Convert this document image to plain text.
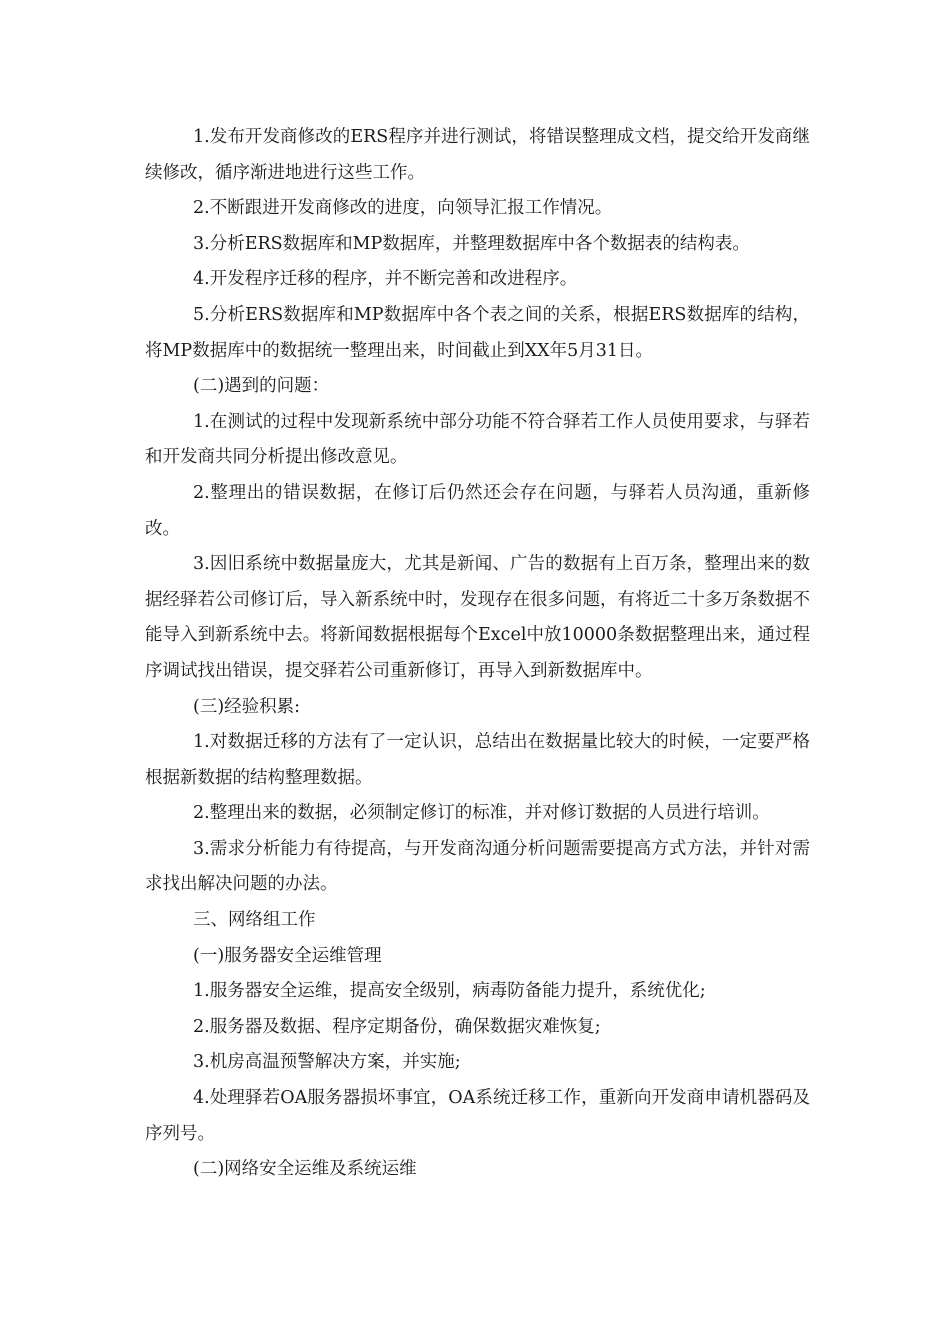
1.发布开发商修改的ERS程序并进行测试，将错误整理成文档，提交给开发商继续修改，循序渐进地进行这些工作。

2.不断跟进开发商修改的进度，向领导汇报工作情况。

3.分析ERS数据库和MP数据库，并整理数据库中各个数据表的结构表。

4.开发程序迁移的程序，并不断完善和改进程序。

5.分析ERS数据库和MP数据库中各个表之间的关系，根据ERS数据库的结构，将MP数据库中的数据统一整理出来，时间截止到XX年5月31日。

(二)遇到的问题：

1.在测试的过程中发现新系统中部分功能不符合驿若工作人员使用要求，与驿若和开发商共同分析提出修改意见。

2.整理出的错误数据，在修订后仍然还会存在问题，与驿若人员沟通，重新修改。

3.因旧系统中数据量庞大，尤其是新闻、广告的数据有上百万条，整理出来的数据经驿若公司修订后，导入新系统中时，发现存在很多问题，有将近二十多万条数据不能导入到新系统中去。将新闻数据根据每个Excel中放10000条数据整理出来，通过程序调试找出错误，提交驿若公司重新修订，再导入到新数据库中。

(三)经验积累:

1.对数据迁移的方法有了一定认识，总结出在数据量比较大的时候，一定要严格根据新数据的结构整理数据。

2.整理出来的数据，必须制定修订的标准，并对修订数据的人员进行培训。

3.需求分析能力有待提高，与开发商沟通分析问题需要提高方式方法，并针对需求找出解决问题的办法。

三、网络组工作

(一)服务器安全运维管理

1.服务器安全运维，提高安全级别，病毒防备能力提升，系统优化;

2.服务器及数据、程序定期备份，确保数据灾难恢复;

3.机房高温预警解决方案，并实施;

4.处理驿若OA服务器损坏事宜，OA系统迁移工作，重新向开发商申请机器码及序列号。

(二)网络安全运维及系统运维
